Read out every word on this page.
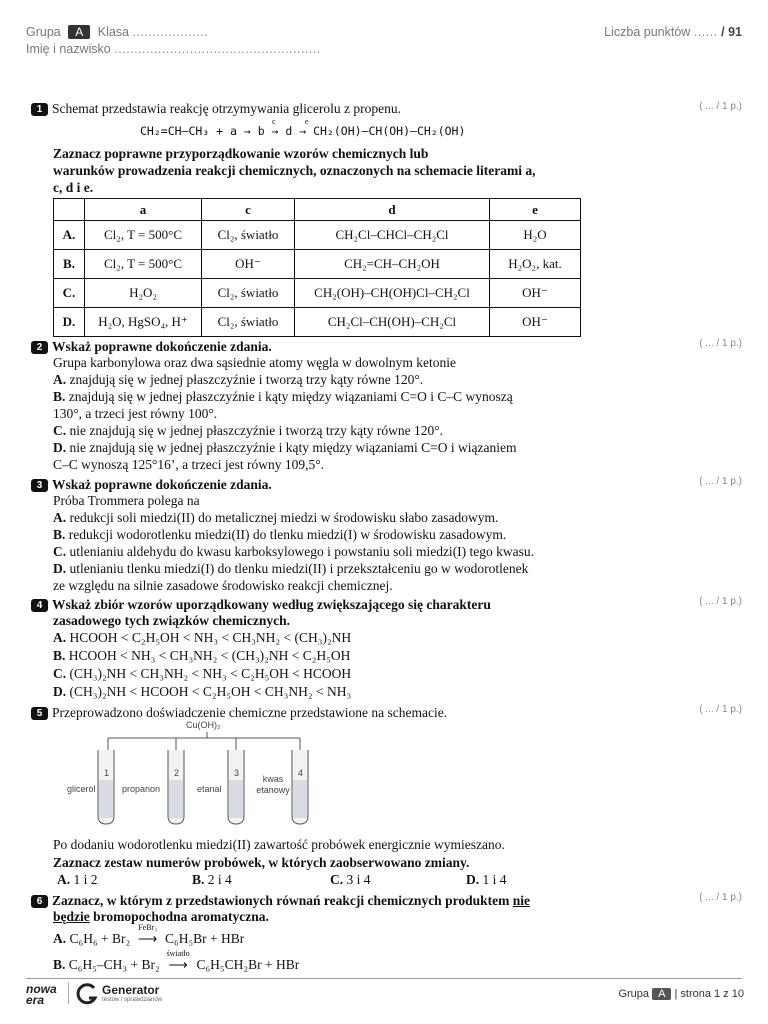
Grupa A Klasa ...................
Imię i nazwisko ....................................................
Liczba punktów ...... / 91
1 Schemat przedstawia reakcję otrzymywania glicerolu z propenu.	( ... / 1 p.)
CH₂=CH–CH₃ + a → b → d → CH₂(OH)–CH(OH)–CH₂(OH)
c	e
Zaznacz poprawne przyporządkowanie wzorów chemicznych lub
warunków prowadzenia reakcji chemicznych, oznaczonych na schemacie literami a,
c, d i e.
	a	c	d	e
A.	Cl₂, T = 500°C	Cl₂, światło	CH₂Cl–CHCl–CH₂Cl	H₂O
B.	Cl₂, T = 500°C	OH⁻	CH₂=CH–CH₂OH	H₂O₂, kat.
C.	H₂O₂	Cl₂, światło	CH₂(OH)–CH(OH)Cl–CH₂Cl	OH⁻
D.	H₂O, HgSO₄, H⁺	Cl₂, światło	CH₂Cl–CH(OH)–CH₂Cl	OH⁻
2 Wskaż poprawne dokończenie zdania.	( ... / 1 p.)
Grupa karbonylowa oraz dwa sąsiednie atomy węgla w dowolnym ketonie
A. znajdują się w jednej płaszczyźnie i tworzą trzy kąty równe 120°.
B. znajdują się w jednej płaszczyźnie i kąty między wiązaniami C=O i C–C wynoszą
130°, a trzeci jest równy 100°.
C. nie znajdują się w jednej płaszczyźnie i tworzą trzy kąty równe 120°.
D. nie znajdują się w jednej płaszczyźnie i kąty między wiązaniami C=O i wiązaniem
C–C wynoszą 125°16’, a trzeci jest równy 109,5°.
3 Wskaż poprawne dokończenie zdania.	( ... / 1 p.)
Próba Trommera polega na
A. redukcji soli miedzi(II) do metalicznej miedzi w środowisku słabo zasadowym.
B. redukcji wodorotlenku miedzi(II) do tlenku miedzi(I) w środowisku zasadowym.
C. utlenianiu aldehydu do kwasu karboksylowego i powstaniu soli miedzi(I) tego kwasu.
D. utlenianiu tlenku miedzi(I) do tlenku miedzi(II) i przekształceniu go w wodorotlenek
ze względu na silnie zasadowe środowisko reakcji chemicznej.
4 Wskaż zbiór wzorów uporządkowany według zwiększającego się charakteru	( ... / 1 p.)
zasadowego tych związków chemicznych.
A. HCOOH < C₂H₅OH < NH₃ < CH₃NH₂ < (CH₃)₂NH
B. HCOOH < NH₃ < CH₃NH₂ < (CH₃)₂NH < C₂H₅OH
C. (CH₃)₂NH < CH₃NH₂ < NH₃ < C₂H₅OH < HCOOH
D. (CH₃)₂NH < HCOOH < C₂H₅OH < CH₃NH₂ < NH₃
5 Przeprowadzono doświadczenie chemiczne przedstawione na schemacie.	( ... / 1 p.)
Cu(OH)₂
1	2	3	4
glicerol	propanon	etanal
kwas etanowy
Po dodaniu wodorotlenku miedzi(II) zawartość probówek energicznie wymieszano.
Zaznacz zestaw numerów probówek, w których zaobserwowano zmiany.
A. 1 i 2	B. 2 i 4	C. 3 i 4	D. 1 i 4
6 Zaznacz, w którym z przedstawionych równań reakcji chemicznych produktem nie	( ... / 1 p.)
będzie bromopochodna aromatyczna.
A. C₆H₆ + Br₂
FeBr₃
⟶ C₆H₅Br + HBr
B. C₆H₅–CH₃ + Br₂
światło
⟶ C₆H₅CH₂Br + HBr
nowa era
Generator
testów i sprawdzianów	Grupa A | strona 1 z 10
